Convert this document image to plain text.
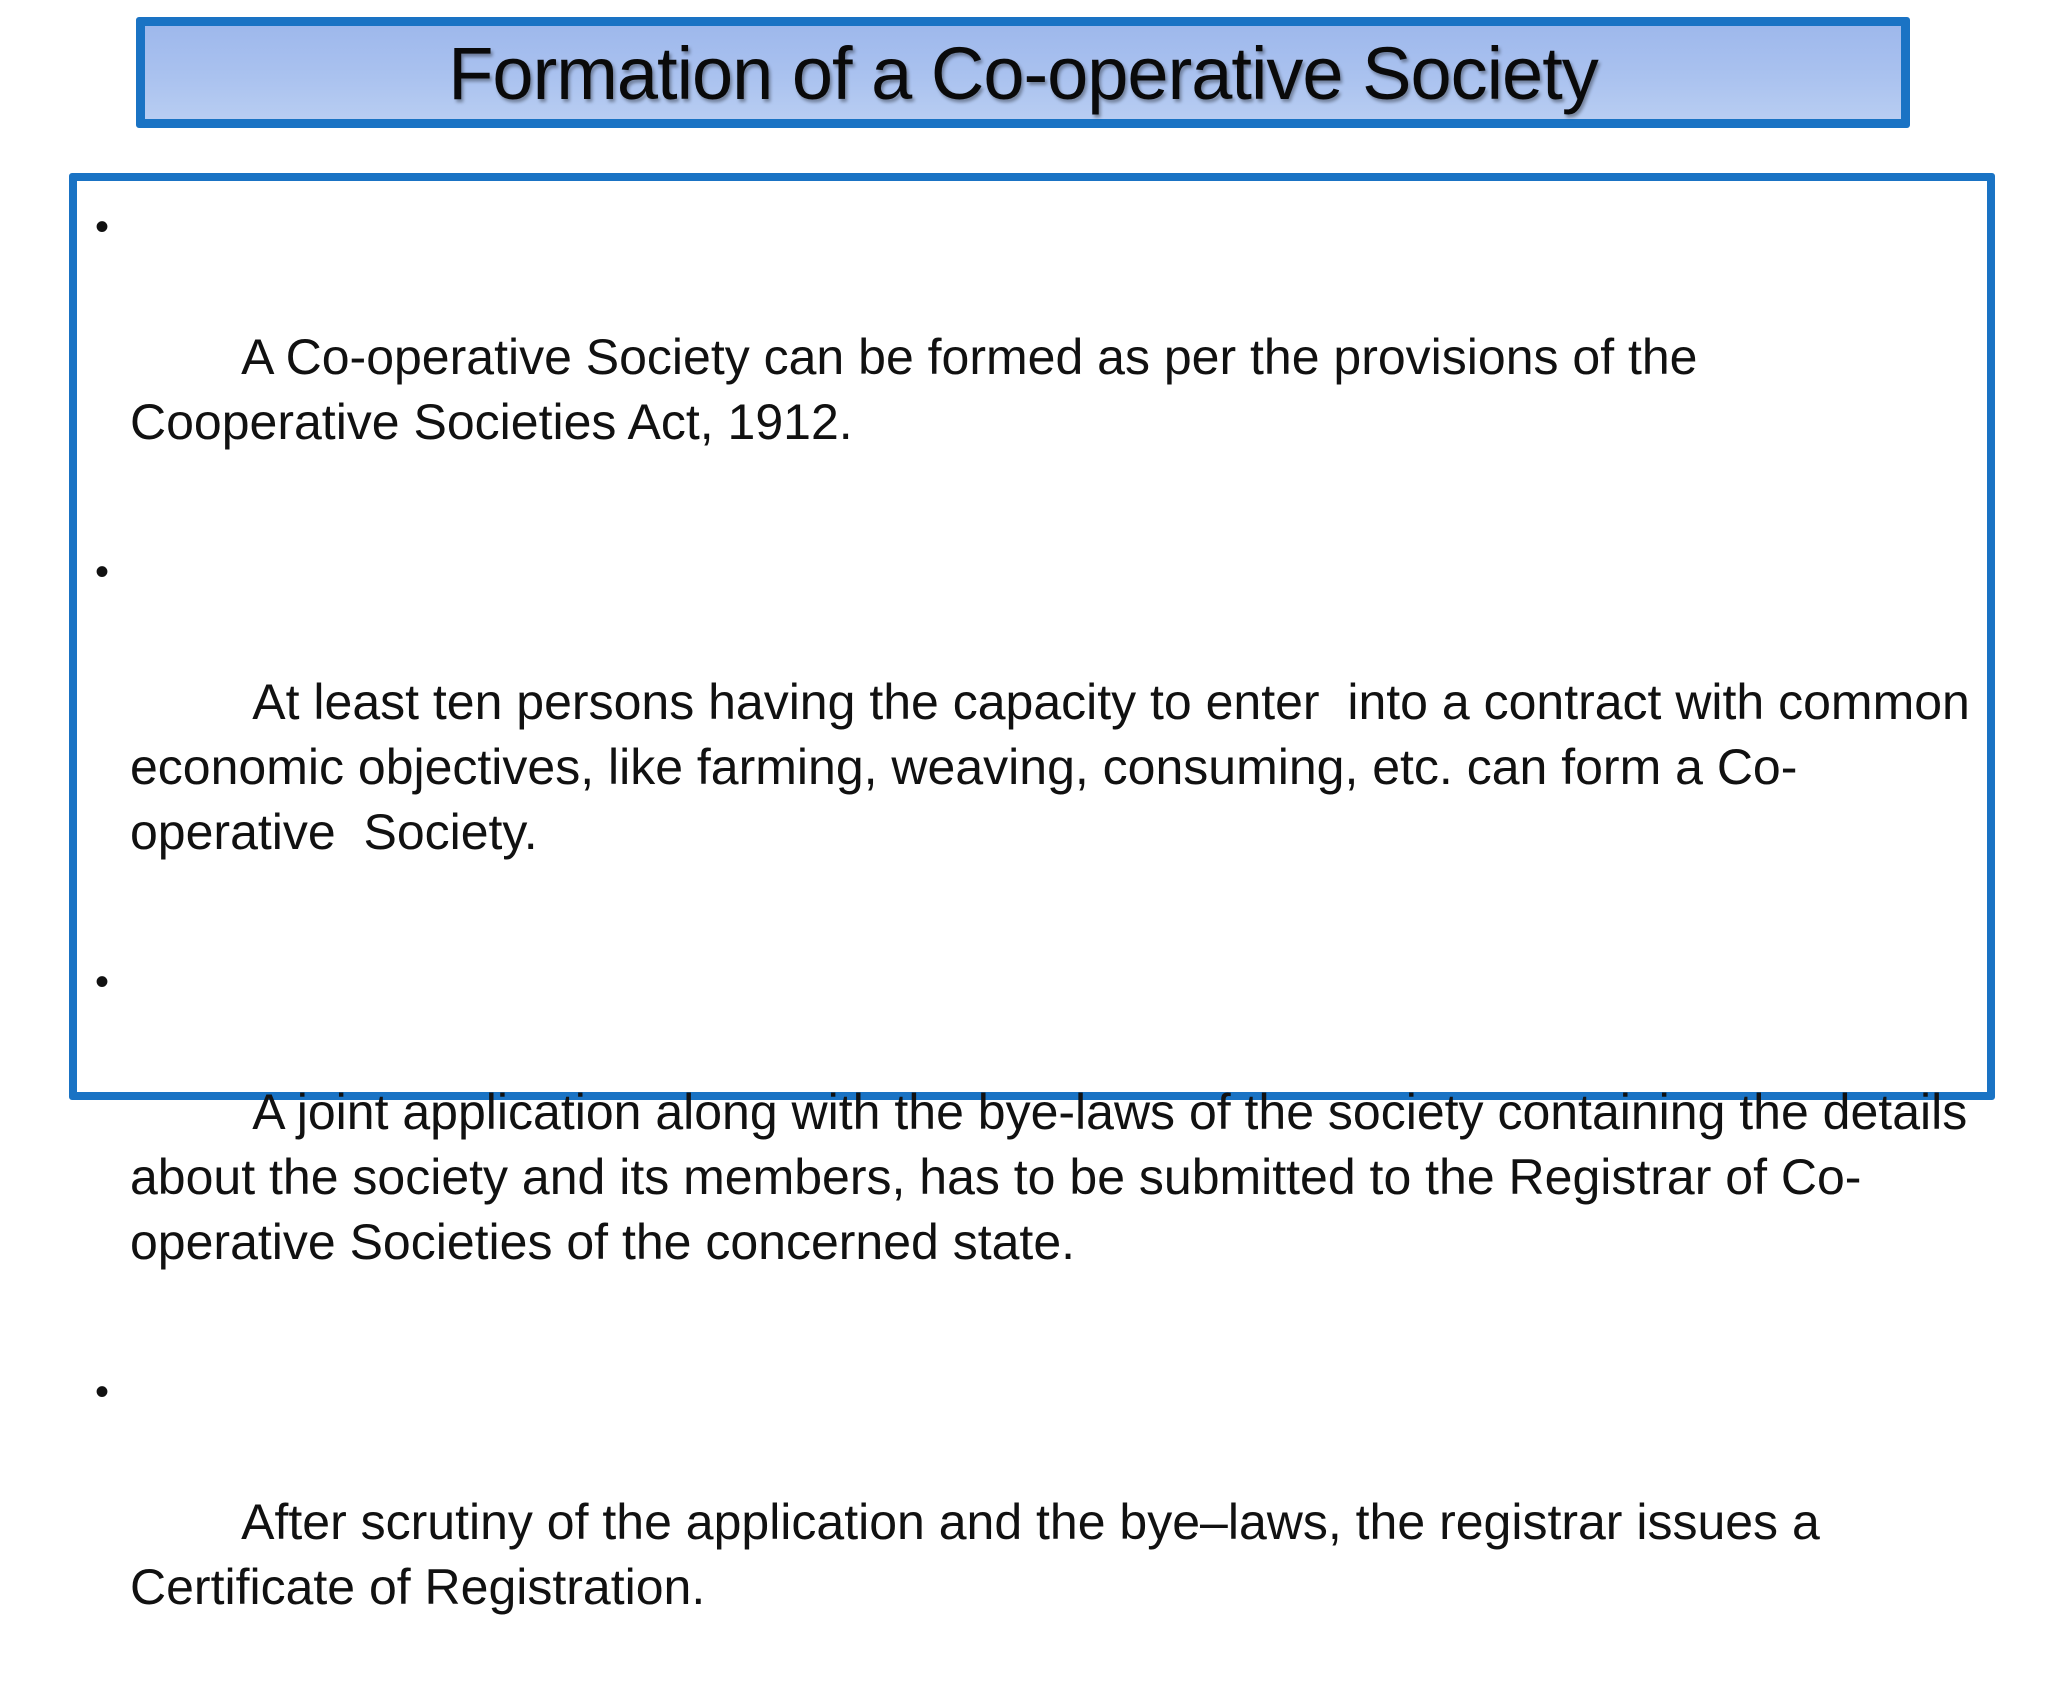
Formation of a Co-operative Society

•

A Co-operative Society can be formed as per the provisions of the Cooperative Societies Act, 1912.

•

At least ten persons having the capacity to enter  into a contract with common economic objectives, like farming, weaving, consuming, etc. can form a Co-operative  Society.

•

A joint application along with the bye-laws of the society containing the details  about the society and its members, has to be submitted to the Registrar of Co-operative Societies of the concerned state.

•

After scrutiny of the application and the bye–laws, the registrar issues a Certificate of Registration.
